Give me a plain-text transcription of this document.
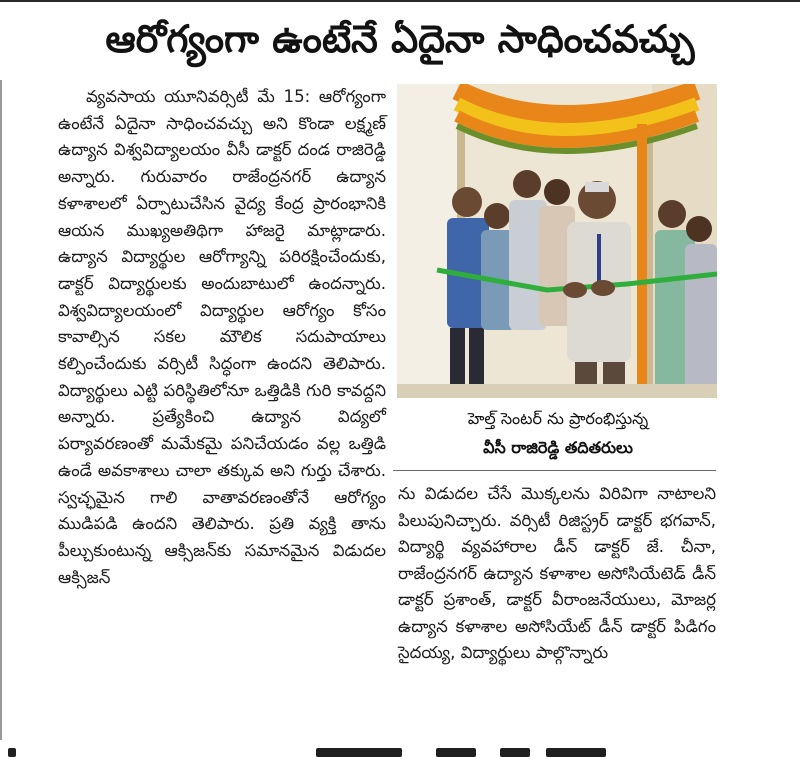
ఆరోగ్యంగా ఉంటేనే ఏదైనా సాధించవచ్చు

వ్యవసాయ యూనివర్సిటీ మే 15: ఆరోగ్యంగా ఉంటేనే ఏదైనా సాధించవచ్చు అని కొండా లక్ష్మణ్ ఉద్యాన విశ్వవిద్యాలయం వీసీ డాక్టర్ దండ రాజిరెడ్డి అన్నారు. గురువారం రాజేంద్రనగర్ ఉద్యాన కళాశాలలో ఏర్పాటుచేసిన వైద్య కేంద్ర ప్రారంభానికి ఆయన ముఖ్యఅతిథిగా హాజరై మాట్లాడారు. ఉద్యాన విద్యార్థుల ఆరోగ్యాన్ని పరిరక్షించేందుకు, డాక్టర్ విద్యార్థులకు అందుబాటులో ఉందన్నారు. విశ్వవిద్యాలయంలో విద్యార్థుల ఆరోగ్యం కోసం కావాల్సిన సకల మౌలిక సదుపాయాలు కల్పించేందుకు వర్సిటీ సిద్ధంగా ఉందని తెలిపారు. విద్యార్థులు ఎట్టి పరిస్థితిలోనూ ఒత్తిడికి గురి కావద్దని అన్నారు. ప్రత్యేకించి ఉద్యాన విద్యలో పర్యావరణంతో మమేకమై పనిచేయడం వల్ల ఒత్తిడి ఉండే అవకాశాలు చాలా తక్కువ అని గుర్తు చేశారు. స్వచ్ఛమైన గాలి వాతావరణంతోనే ఆరోగ్యం ముడిపడి ఉందని తెలిపారు. ప్రతి వ్యక్తి తాను పీల్చుకుంటున్న ఆక్సిజన్‌కు సమానమైన విడుదల ఆక్సిజన్

హెల్త్ సెంటర్ ను ప్రారంభిస్తున్న
వీసీ రాజిరెడ్డి తదితరులు

ను విడుదల చేసే మొక్కలను విరివిగా నాటాలని పిలుపునిచ్చారు. వర్సిటీ రిజిస్ట్రర్ డాక్టర్ భగవాన్, విద్యార్థి వ్యవహారాల డీన్ డాక్టర్ జే. చీనా, రాజేంద్రనగర్ ఉద్యాన కళాశాల అసోసియేటెడ్ డీన్ డాక్టర్ ప్రశాంత్, డాక్టర్ వీరాంజనేయులు, మోజర్ల ఉద్యాన కళాశాల అసోసియేట్ డీన్ డాక్టర్ పిడిగం సైదయ్య, విద్యార్థులు పాల్గొన్నారు
